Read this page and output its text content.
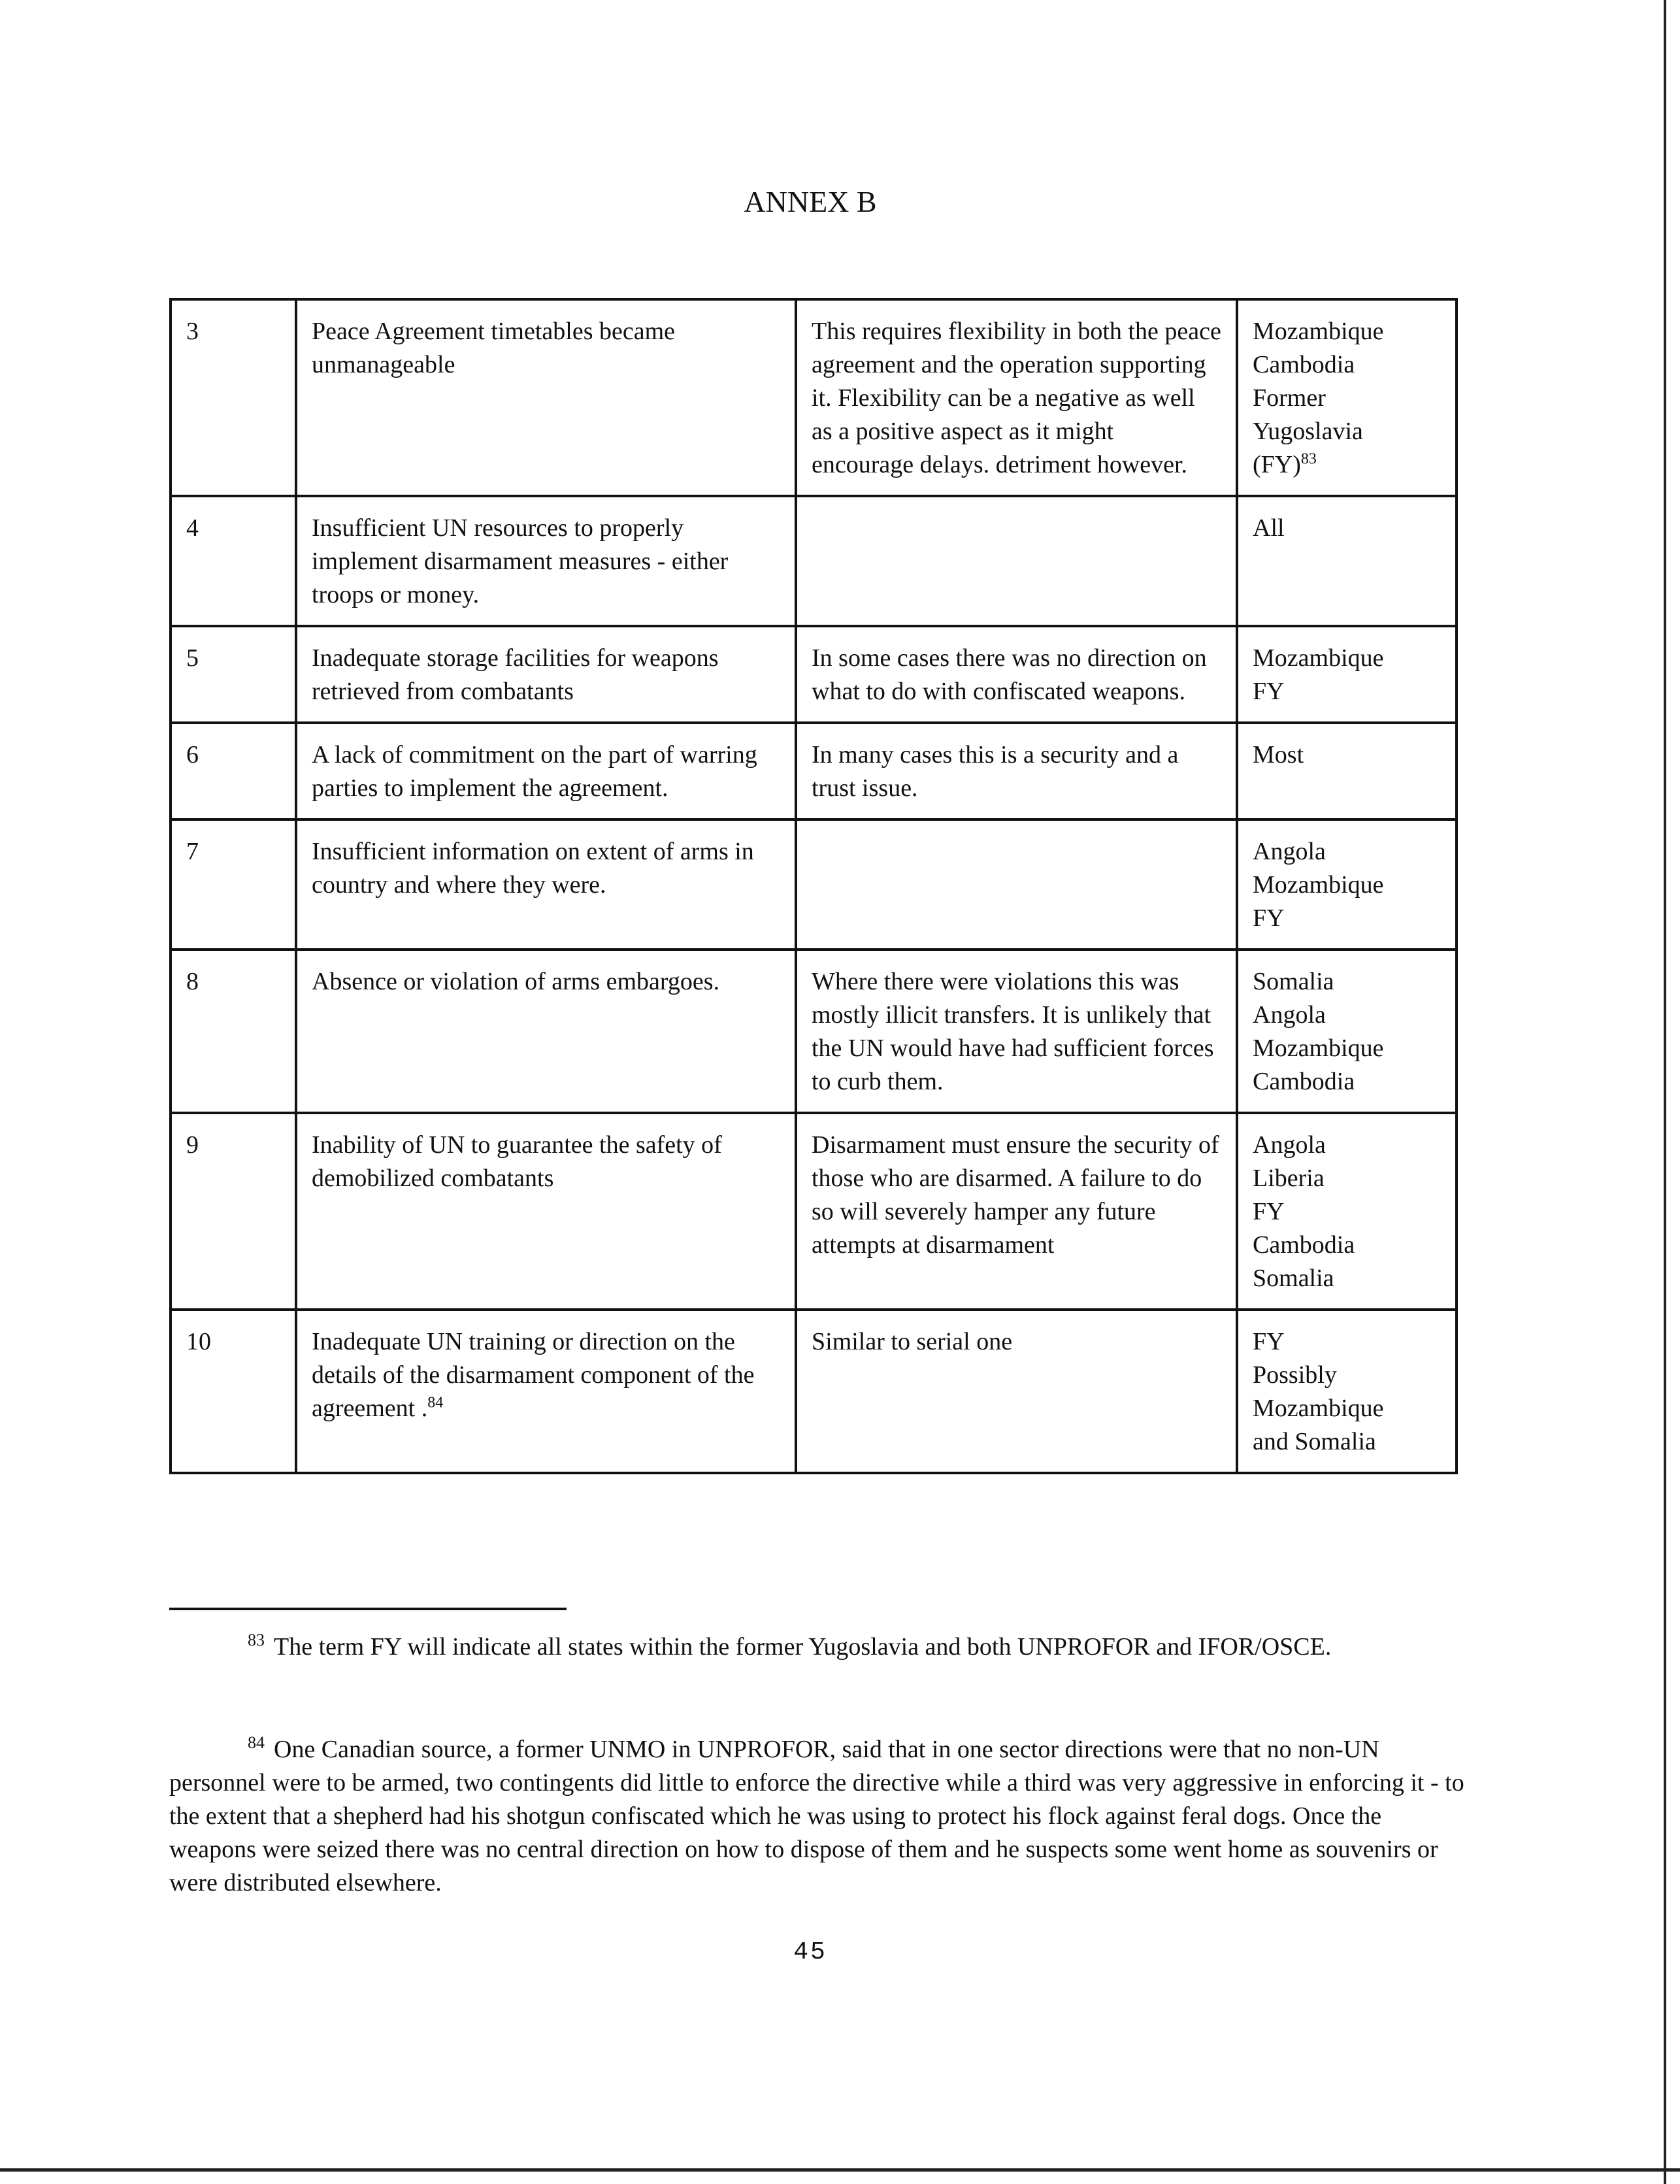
ANNEX B
3	Peace Agreement timetables became unmanageable	This requires flexibility in both the peace agreement and the operation supporting it. Flexibility can be a negative as well as a positive aspect as it might encourage delays. detriment however.	Mozambique
Cambodia
Former
Yugoslavia
(FY)$^{83}$

4	Insufficient UN resources to properly implement disarmament measures - either troops or money.		All

5	Inadequate storage facilities for weapons retrieved from combatants	In some cases there was no direction on what to do with confiscated weapons.	Mozambique
FY

6	A lack of commitment on the part of warring parties to implement the agreement.	In many cases this is a security and a trust issue.	Most

7	Insufficient information on extent of arms in country and where they were.		Angola
Mozambique
FY

8	Absence or violation of arms embargoes.	Where there were violations this was mostly illicit transfers. It is unlikely that the UN would have had sufficient forces to curb them.	Somalia
Angola
Mozambique
Cambodia

9	Inability of UN to guarantee the safety of demobilized combatants	Disarmament must ensure the security of those who are disarmed. A failure to do so will severely hamper any future attempts at disarmament	Angola
Liberia
FY
Cambodia
Somalia

10	Inadequate UN training or direction on the details of the disarmament component of the agreement .$^{84}$	Similar to serial one	FY
Possibly
Mozambique
and Somalia
$^{83}$ The term FY will indicate all states within the former Yugoslavia and both UNPROFOR and IFOR/OSCE.
$^{84}$ One Canadian source, a former UNMO in UNPROFOR, said that in one sector directions were that no non-UN personnel were to be armed, two contingents did little to enforce the directive while a third was very aggressive in enforcing it - to the extent that a shepherd had his shotgun confiscated which he was using to protect his flock against feral dogs. Once the weapons were seized there was no central direction on how to dispose of them and he suspects some went home as souvenirs or were distributed elsewhere.
45
